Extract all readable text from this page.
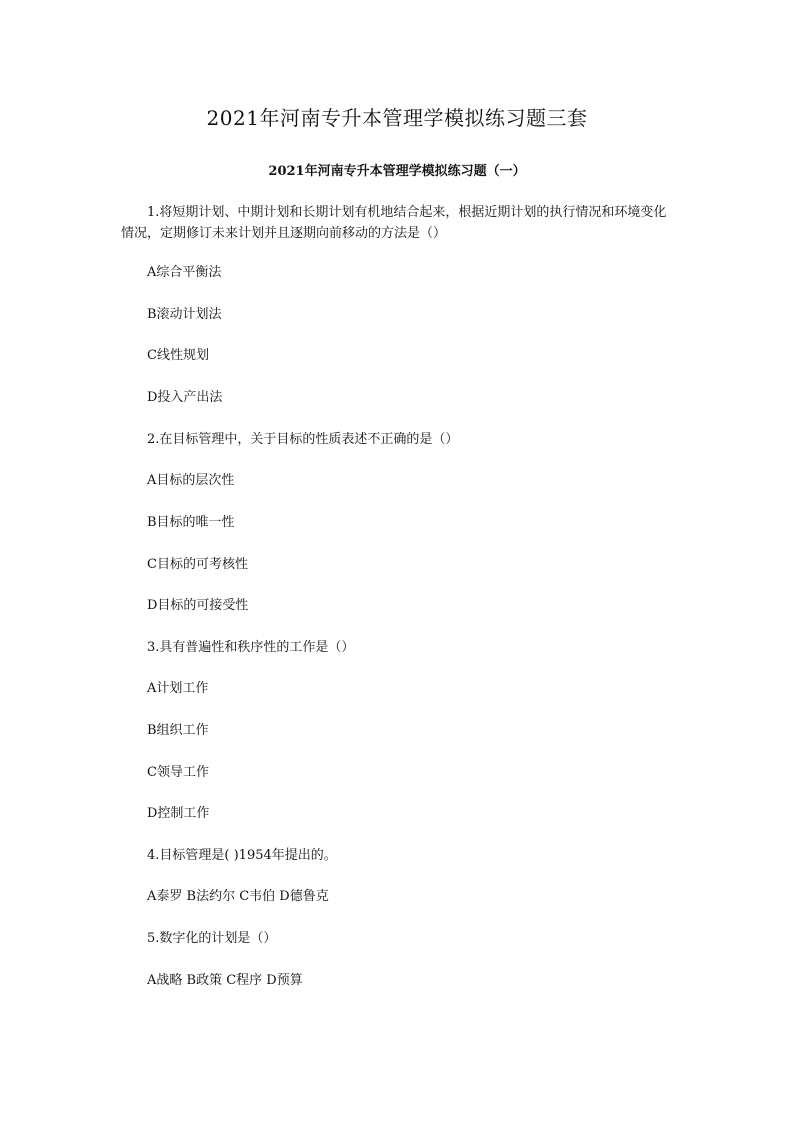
2021年河南专升本管理学模拟练习题三套
2021年河南专升本管理学模拟练习题（一）

1.将短期计划、中期计划和长期计划有机地结合起来，根据近期计划的执行情况和环境变化情况，定期修订未来计划并且逐期向前移动的方法是（）

A综合平衡法

B滚动计划法

C线性规划

D投入产出法

2.在目标管理中，关于目标的性质表述不正确的是（）

A目标的层次性

B目标的唯一性

C目标的可考核性

D目标的可接受性

3.具有普遍性和秩序性的工作是（）

A计划工作

B组织工作

C领导工作

D控制工作

4.目标管理是( )1954年提出的。

A泰罗 B法约尔 C韦伯 D德鲁克

5.数字化的计划是（）

A战略 B政策 C程序 D预算
